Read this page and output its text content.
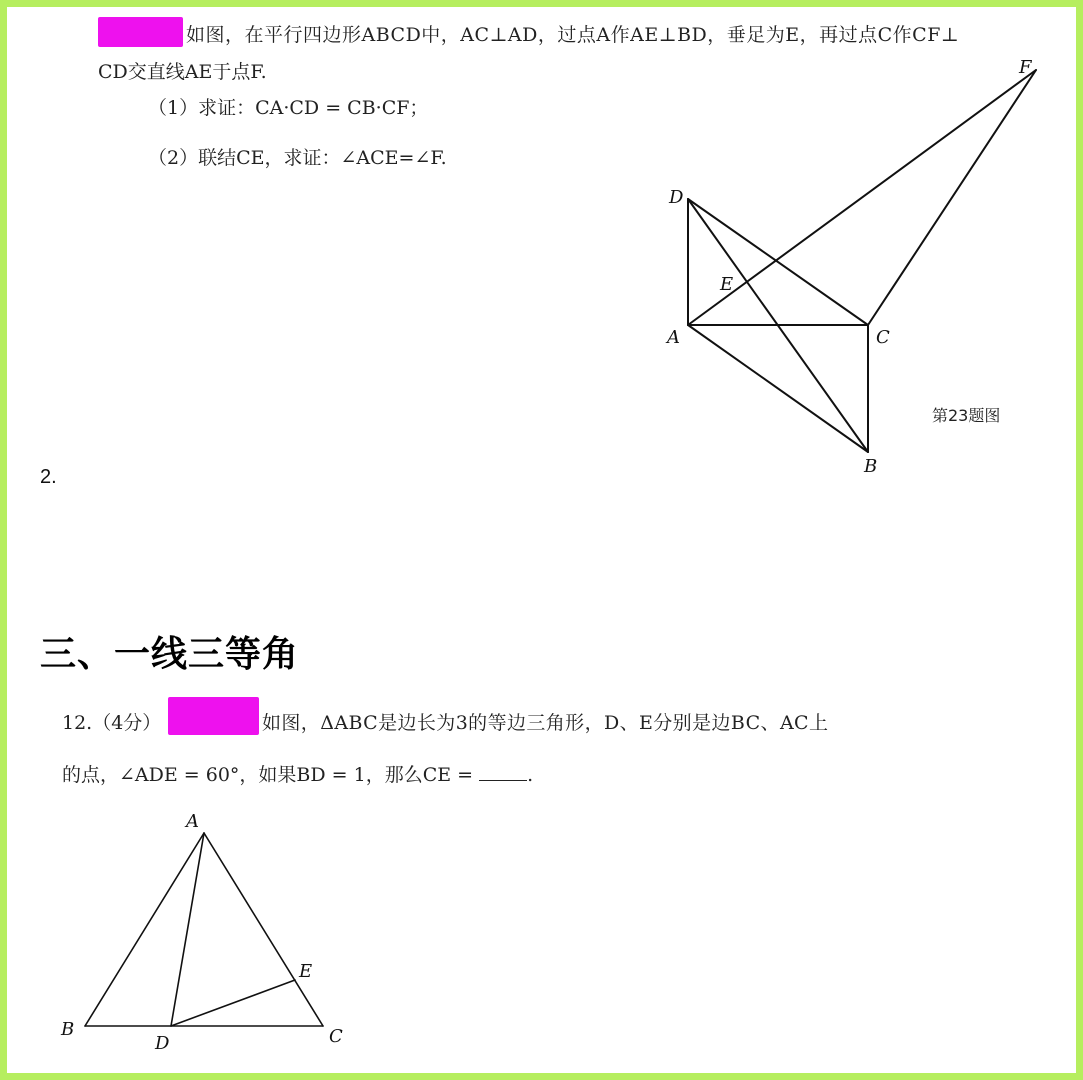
如图，在平行四边形ABCD中，AC⊥AD，过点A作AE⊥BD，垂足为E，再过点C作CF⊥
CD交直线AE于点F.
（1）求证：CA·CD = CB·CF；
（2）联结CE，求证：∠ACE=∠F.
D
E
F
A	C
B
第23题图
2.
三、一线三等角
12.（4分）	如图，ΔABC是边长为3的等边三角形，D、E分别是边BC、AC上
的点，∠ADE = 60°，如果BD = 1，那么CE =	.
A
B	C
D
E
